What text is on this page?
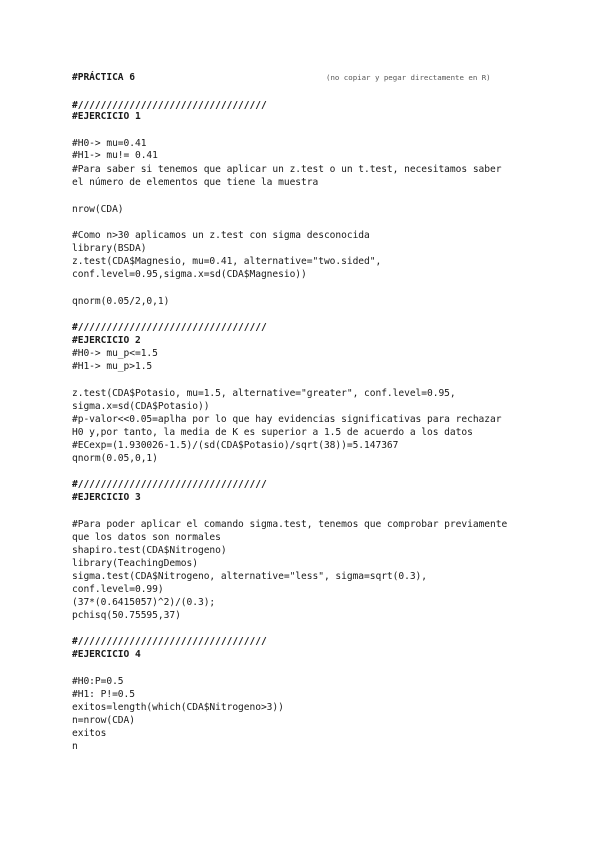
#PRÁCTICA 6	(no copiar y pegar directamente en R)
#/////////////////////////////////
#EJERCICIO 1
#H0-> mu=0.41
#H1-> mu!= 0.41
#Para saber si tenemos que aplicar un z.test o un t.test, necesitamos saber
el número de elementos que tiene la muestra
nrow(CDA)
#Como n>30 aplicamos un z.test con sigma desconocida
library(BSDA)
z.test(CDA$Magnesio, mu=0.41, alternative="two.sided",
conf.level=0.95,sigma.x=sd(CDA$Magnesio))
qnorm(0.05/2,0,1)
#/////////////////////////////////
#EJERCICIO 2
#H0-> mu_p<=1.5
#H1-> mu_p>1.5
z.test(CDA$Potasio, mu=1.5, alternative="greater", conf.level=0.95,
sigma.x=sd(CDA$Potasio))
#p-valor<<0.05=aplha por lo que hay evidencias significativas para rechazar
H0 y,por tanto, la media de K es superior a 1.5 de acuerdo a los datos
#ECexp=(1.930026-1.5)/(sd(CDA$Potasio)/sqrt(38))=5.147367
qnorm(0.05,0,1)
#/////////////////////////////////
#EJERCICIO 3
#Para poder aplicar el comando sigma.test, tenemos que comprobar previamente
que los datos son normales
shapiro.test(CDA$Nitrogeno)
library(TeachingDemos)
sigma.test(CDA$Nitrogeno, alternative="less", sigma=sqrt(0.3),
conf.level=0.99)
(37*(0.6415057)^2)/(0.3);
pchisq(50.75595,37)
#/////////////////////////////////
#EJERCICIO 4
#H0:P=0.5
#H1: P!=0.5
exitos=length(which(CDA$Nitrogeno>3))
n=nrow(CDA)
exitos
n
